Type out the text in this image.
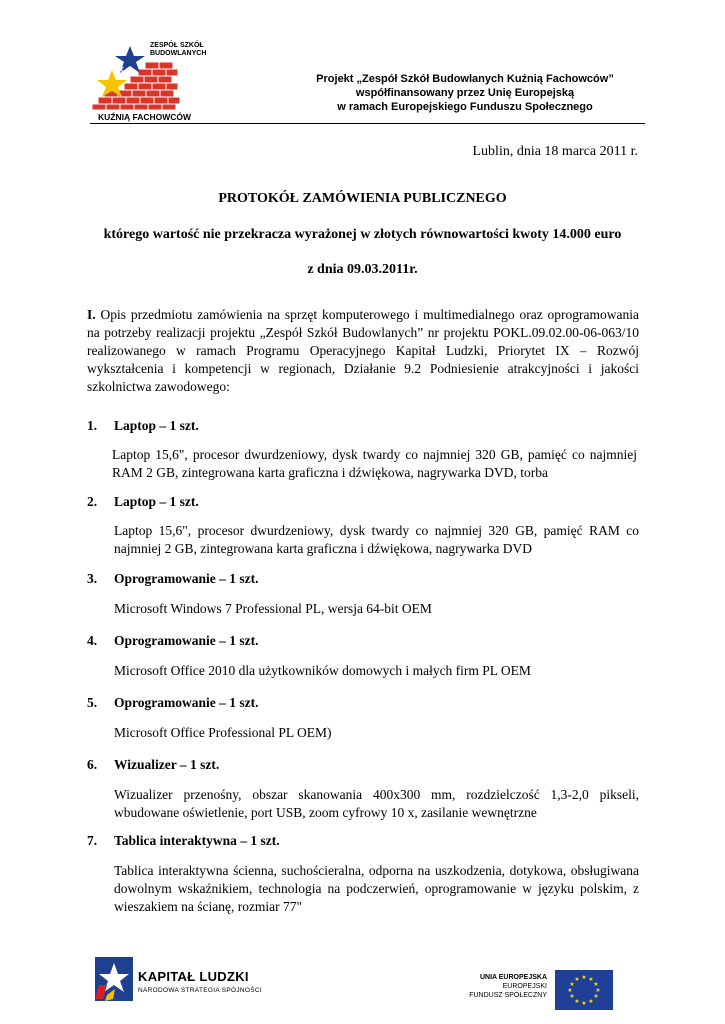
ZESPÓŁ SZKÓŁ
BUDOWLANYCH
KUŹNIĄ FACHOWCÓW
Projekt „Zespół Szkół Budowlanych Kuźnią Fachowców”
współfinansowany przez Unię Europejską
w ramach Europejskiego Funduszu Społecznego
Lublin, dnia 18 marca 2011 r.
PROTOKÓŁ ZAMÓWIENIA PUBLICZNEGO
którego wartość nie przekracza wyrażonej w złotych równowartości kwoty 14.000 euro
z dnia 09.03.2011r.
I. Opis przedmiotu zamówienia na sprzęt komputerowego i multimedialnego oraz oprogramowania na potrzeby realizacji projektu „Zespół Szkół Budowlanych” nr projektu POKL.09.02.00-06-063/10 realizowanego w ramach Programu Operacyjnego Kapitał Ludzki, Priorytet IX – Rozwój wykształcenia i kompetencji w regionach, Działanie 9.2 Podniesienie atrakcyjności i jakości szkolnictwa zawodowego:
1. Laptop – 1 szt.
Laptop 15,6", procesor dwurdzeniowy, dysk twardy co najmniej 320 GB, pamięć co najmniej RAM 2 GB, zintegrowana karta graficzna i dźwiękowa, nagrywarka DVD, torba
2. Laptop – 1 szt.
Laptop 15,6", procesor dwurdzeniowy, dysk twardy co najmniej 320 GB, pamięć RAM co najmniej 2 GB, zintegrowana karta graficzna i dźwiękowa, nagrywarka DVD
3. Oprogramowanie – 1 szt.
Microsoft Windows 7 Professional PL, wersja 64-bit OEM
4. Oprogramowanie – 1 szt.
Microsoft Office 2010 dla użytkowników domowych i małych firm PL OEM
5. Oprogramowanie – 1 szt.
Microsoft Office Professional PL OEM)
6. Wizualizer – 1 szt.
Wizualizer przenośny, obszar skanowania 400x300 mm, rozdzielczość 1,3-2,0 pikseli, wbudowane oświetlenie, port USB, zoom cyfrowy 10 x, zasilanie wewnętrzne
7. Tablica interaktywna – 1 szt.
Tablica interaktywna ścienna, suchościeralna, odporna na uszkodzenia, dotykowa, obsługiwana dowolnym wskaźnikiem, technologia na podczerwień, oprogramowanie w języku polskim, z wieszakiem na ścianę, rozmiar 77"
KAPITAŁ LUDZKI
NARODOWA STRATEGIA SPÓJNOŚCI
UNIA EUROPEJSKA
EUROPEJSKI
FUNDUSZ SPOŁECZNY
★ ★
★
★
★
★
★
★
★
★
★
★
